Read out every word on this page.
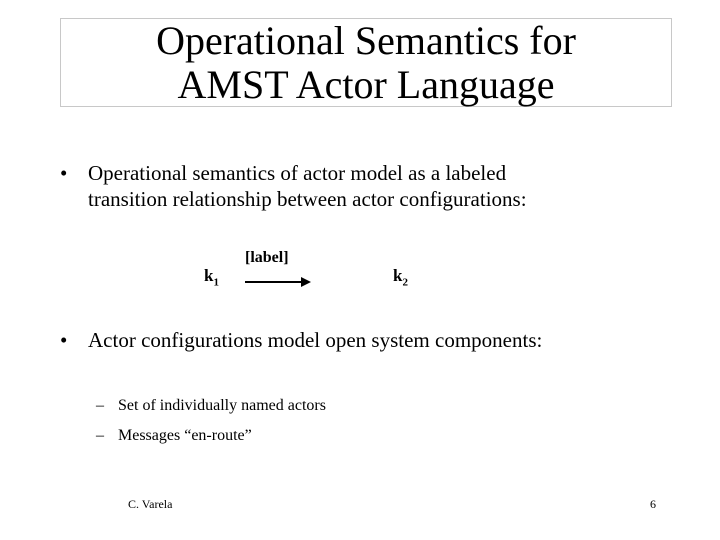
Operational Semantics for
AMST Actor Language
• Operational semantics of actor model as a labeled
transition relationship between actor configurations:
$k_1$
[label]
$k_2$
• Actor configurations model open system components:
– Set of individually named actors
– Messages “en-route”
C. Varela	6
